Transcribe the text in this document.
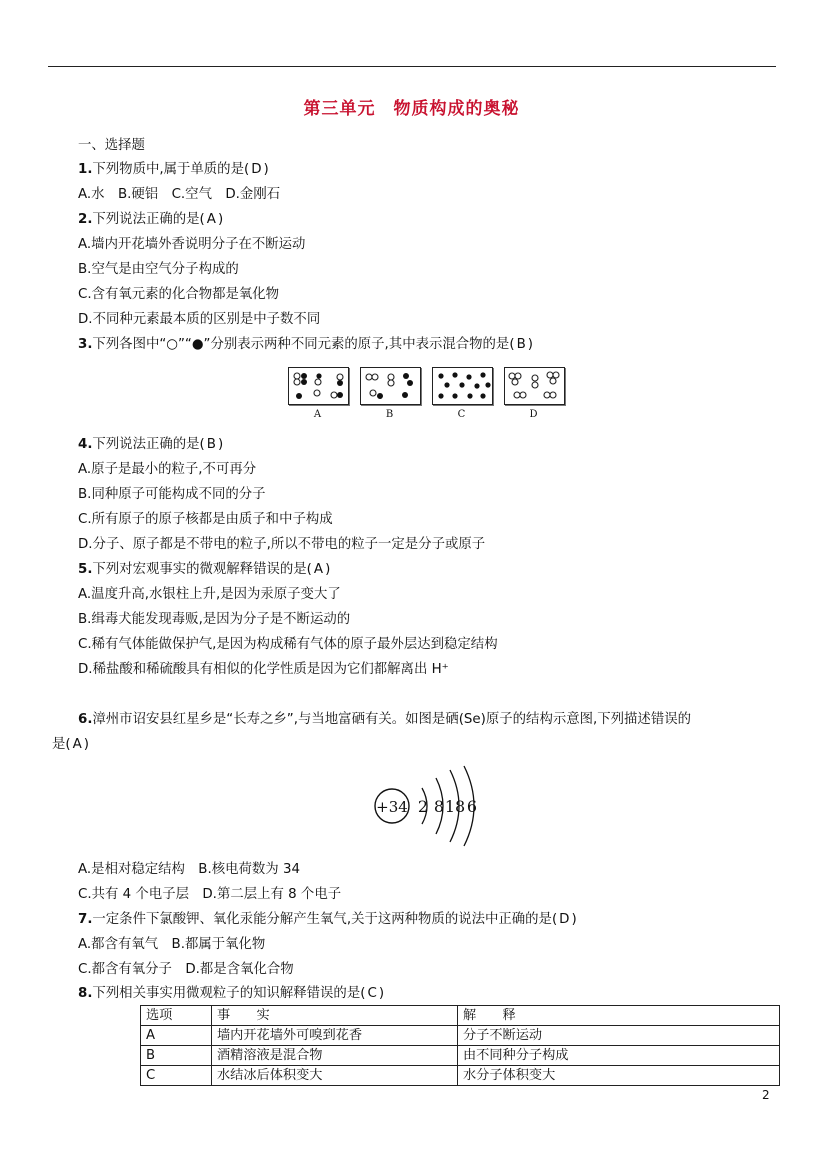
第三单元　物质构成的奥秘
一、选择题
1.下列物质中,属于单质的是( D )
A.水　B.硬铝　C.空气　D.金刚石
2.下列说法正确的是( A )
A.墙内开花墙外香说明分子在不断运动
B.空气是由空气分子构成的
C.含有氧元素的化合物都是氧化物
D.不同种元素最本质的区别是中子数不同
3.下列各图中“○”“●”分别表示两种不同元素的原子,其中表示混合物的是( B )
A	B	C	D
4.下列说法正确的是( B )
A.原子是最小的粒子,不可再分
B.同种原子可能构成不同的分子
C.所有原子的原子核都是由质子和中子构成
D.分子、原子都是不带电的粒子,所以不带电的粒子一定是分子或原子
5.下列对宏观事实的微观解释错误的是( A )
A.温度升高,水银柱上升,是因为汞原子变大了
B.缉毒犬能发现毒贩,是因为分子是不断运动的
C.稀有气体能做保护气,是因为构成稀有气体的原子最外层达到稳定结构
D.稀盐酸和稀硫酸具有相似的化学性质是因为它们都解离出 H⁺
6.漳州市诏安县红星乡是“长寿之乡”,与当地富硒有关。如图是硒(Se)原子的结构示意图,下列描述错误的
是( A )
+34 2 8 18 6
A.是相对稳定结构　B.核电荷数为 34
C.共有 4 个电子层　D.第二层上有 8 个电子
7.一定条件下氯酸钾、氧化汞能分解产生氧气,关于这两种物质的说法中正确的是( D )
A.都含有氧气　B.都属于氧化物
C.都含有氧分子　D.都是含氧化合物
8.下列相关事实用微观粒子的知识解释错误的是( C )
选项	事　　实	解　　释
A	墙内开花墙外可嗅到花香	分子不断运动
B	酒精溶液是混合物	由不同种分子构成
C	水结冰后体积变大	水分子体积变大
2
